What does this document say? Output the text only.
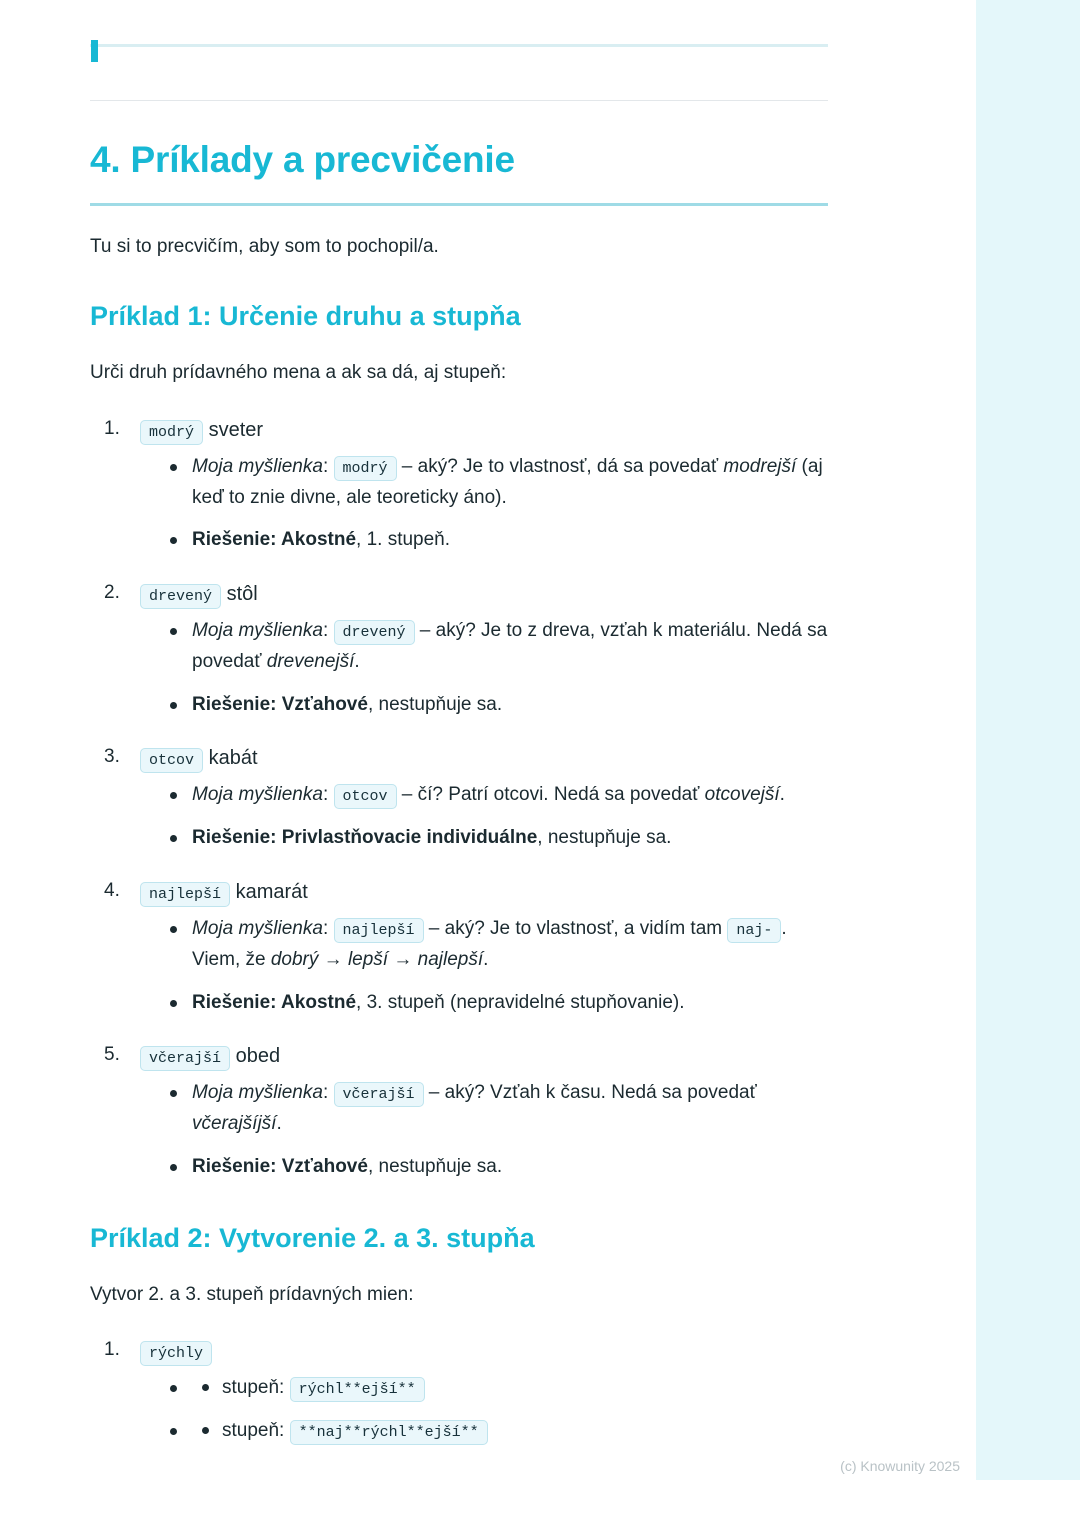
4. Príklady a precvičenie

Tu si to precvičím, aby som to pochopil/a.

Príklad 1: Určenie druhu a stupňa

Urči druh prídavného mena a ak sa dá, aj stupeň:

modrý sveter
Moja myšlienka: modrý – aký? Je to vlastnosť, dá sa povedať modrejší (aj keď to znie divne, ale teoreticky áno).
Riešenie: Akostné, 1. stupeň.
drevený stôl
Moja myšlienka: drevený – aký? Je to z dreva, vzťah k materiálu. Nedá sa povedať drevenejší.
Riešenie: Vzťahové, nestupňuje sa.
otcov kabát
Moja myšlienka: otcov – čí? Patrí otcovi. Nedá sa povedať otcovejší.
Riešenie: Privlastňovacie individuálne, nestupňuje sa.
najlepší kamarát
Moja myšlienka: najlepší – aký? Je to vlastnosť, a vidím tam naj- . Viem, že dobrý → lepší → najlepší.
Riešenie: Akostné, 3. stupeň (nepravidelné stupňovanie).
včerajší obed
Moja myšlienka: včerajší – aký? Vzťah k času. Nedá sa povedať včerajšíjší.
Riešenie: Vzťahové, nestupňuje sa.
Príklad 2: Vytvorenie 2. a 3. stupňa

Vytvor 2. a 3. stupeň prídavných mien:

rýchly
stupeň: rýchl**ejší**
stupeň: **naj**rýchl**ejší**
(c) Knowunity 2025
